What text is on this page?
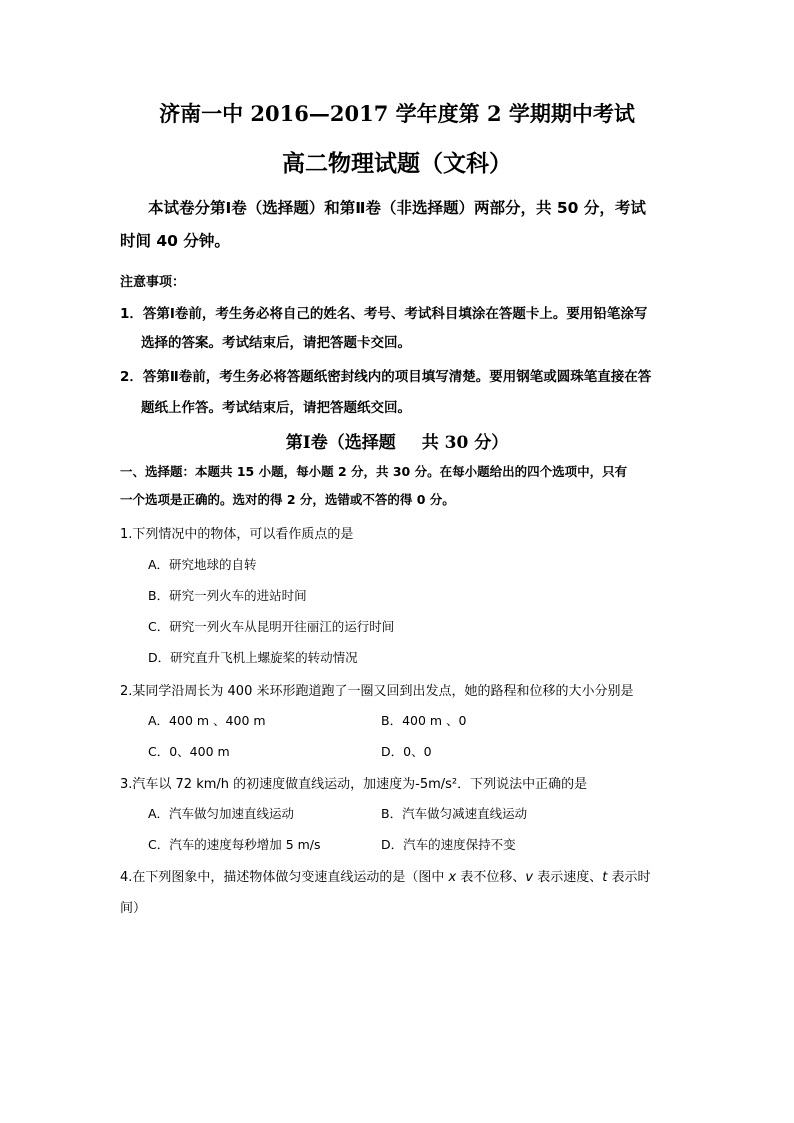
济南一中 2016—2017 学年度第 2 学期期中考试
高二物理试题（文科）
本试卷分第Ⅰ卷（选择题）和第Ⅱ卷（非选择题）两部分，共 50 分，考试
时间 40 分钟。
注意事项：
1．答第Ⅰ卷前，考生务必将自己的姓名、考号、考试科目填涂在答题卡上。要用铅笔涂写
选择的答案。考试结束后，请把答题卡交回。
2．答第Ⅱ卷前，考生务必将答题纸密封线内的项目填写清楚。要用钢笔或圆珠笔直接在答
题纸上作答。考试结束后，请把答题纸交回。
第Ⅰ卷（选择题 共 30 分）
一、选择题：本题共 15 小题，每小题 2 分，共 30 分。在每小题给出的四个选项中，只有
一个选项是正确的。选对的得 2 分，选错或不答的得 0 分。
1.下列情况中的物体，可以看作质点的是
A．研究地球的自转
B．研究一列火车的进站时间
C．研究一列火车从昆明开往丽江的运行时间
D．研究直升飞机上螺旋桨的转动情况
2.某同学沿周长为 400 米环形跑道跑了一圈又回到出发点，她的路程和位移的大小分别是
A．400 m 、400 m	B．400 m 、0
C．0、400 m	D．0、0
3.汽车以 72 km/h 的初速度做直线运动，加速度为-5m/s²．下列说法中正确的是
A．汽车做匀加速直线运动	B．汽车做匀减速直线运动
C．汽车的速度每秒增加 5 m/s	D．汽车的速度保持不变
4.在下列图象中，描述物体做匀变速直线运动的是（图中 x 表不位移、v 表示速度、t 表示时
间）
